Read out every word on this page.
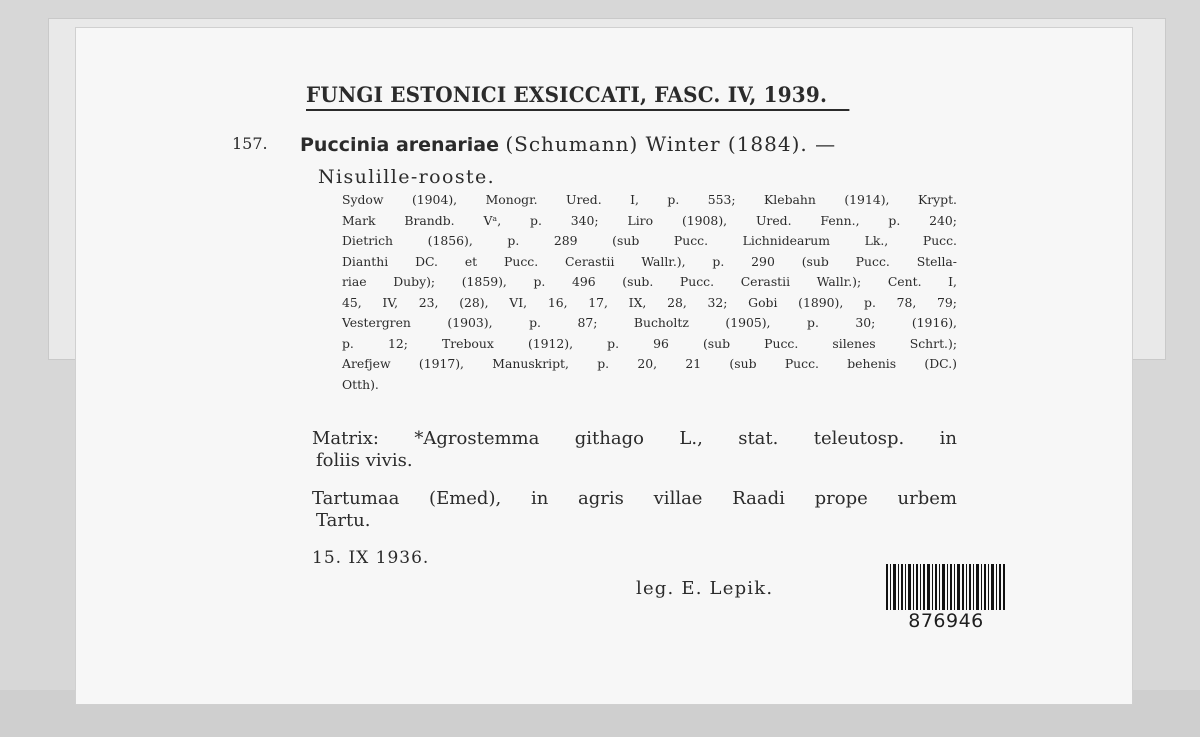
FUNGI ESTONICI EXSICCATI, FASC. IV, 1939.
157. Puccinia arenariae (Schumann) Winter (1884). —
Nisulille-rooste.
Sydow (1904), Monogr. Ured. I, p. 553; Klebahn (1914), Krypt.
Mark Brandb. Vᵃ, p. 340; Liro (1908), Ured. Fenn., p. 240;
Dietrich (1856), p. 289 (sub Pucc. Lichnidearum Lk., Pucc.
Dianthi DC. et Pucc. Cerastii Wallr.), p. 290 (sub Pucc. Stella-
riae Duby); (1859), p. 496 (sub. Pucc. Cerastii Wallr.); Cent. I,
45, IV, 23, (28), VI, 16, 17, IX, 28, 32; Gobi (1890), p. 78, 79;
Vestergren (1903), p. 87; Bucholtz (1905), p. 30; (1916),
p. 12; Treboux (1912), p. 96 (sub Pucc. silenes Schrt.);
Arefjew (1917), Manuskript, p. 20, 21 (sub Pucc. behenis (DC.)
Otth).
Matrix: *Agrostemma githago L., stat. teleutosp. in
foliis vivis.
Tartumaa (Emed), in agris villae Raadi prope urbem
Tartu.
15. IX 1936.
leg. E. Lepik.
876946
